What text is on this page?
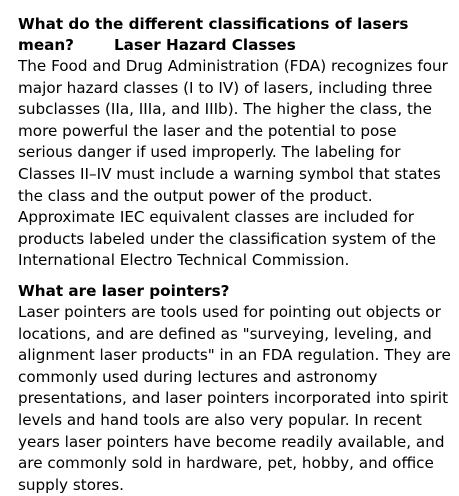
What do the different classifications of lasers
mean?	Laser Hazard Classes

The Food and Drug Administration (FDA) recognizes four major hazard classes (I to IV) of lasers, including three subclasses (IIa, IIIa, and IIIb). The higher the class, the more powerful the laser and the potential to pose serious danger if used improperly. The labeling for Classes II–IV must include a warning symbol that states the class and the output power of the product. Approximate IEC equivalent classes are included for products labeled under the classification system of the International Electro Technical Commission.

What are laser pointers?

Laser pointers are tools used for pointing out objects or locations, and are defined as "surveying, leveling, and alignment laser products" in an FDA regulation. They are commonly used during lectures and astronomy presentations, and laser pointers incorporated into spirit levels and hand tools are also very popular. In recent years laser pointers have become readily available, and are commonly sold in hardware, pet, hobby, and office supply stores.
